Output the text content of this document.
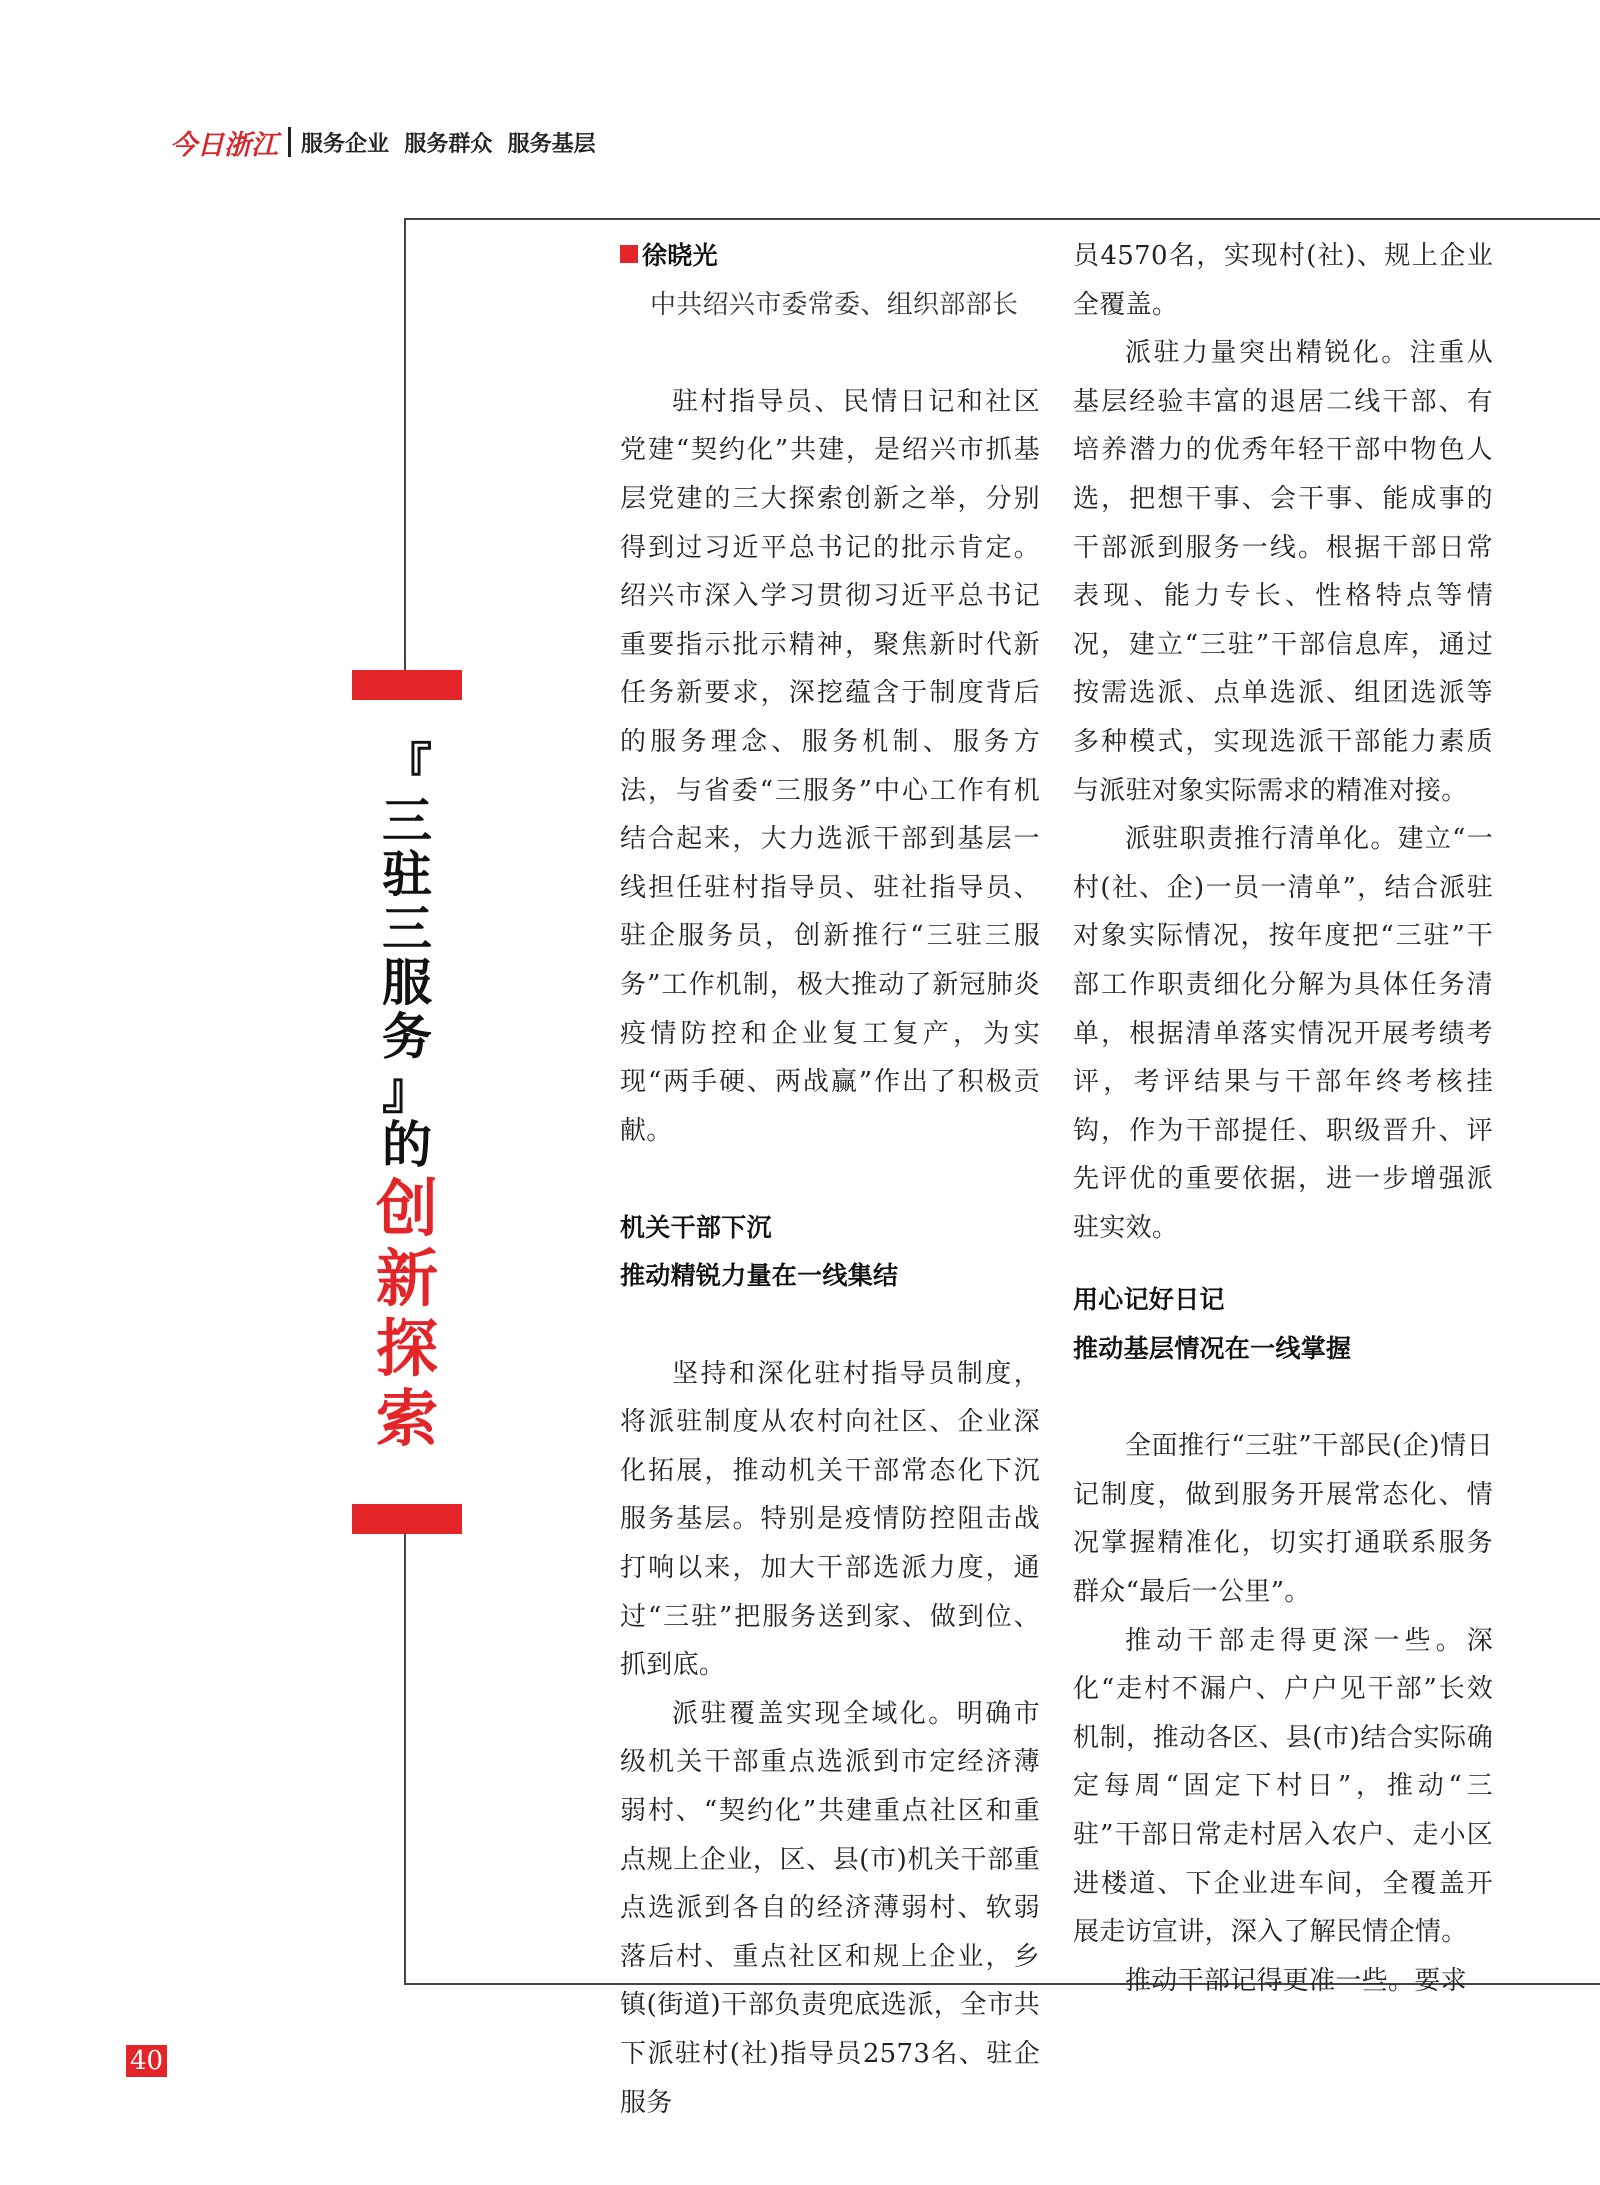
今日浙江 服务企业  服务群众  服务基层
『
三
驻
三
服
务
』
的
创
新
探
索
徐晓光
中共绍兴市委常委、组织部部长

驻村指导员、民情日记和社区党建“契约化”共建，是绍兴市抓基层党建的三大探索创新之举，分别得到过习近平总书记的批示肯定。绍兴市深入学习贯彻习近平总书记重要指示批示精神，聚焦新时代新任务新要求，深挖蕴含于制度背后的服务理念、服务机制、服务方法，与省委“三服务”中心工作有机结合起来，大力选派干部到基层一线担任驻村指导员、驻社指导员、驻企服务员，创新推行“三驻三服务”工作机制，极大推动了新冠肺炎疫情防控和企业复工复产，为实现“两手硬、两战赢”作出了积极贡献。

机关干部下沉
推动精锐力量在一线集结

坚持和深化驻村指导员制度，将派驻制度从农村向社区、企业深化拓展，推动机关干部常态化下沉服务基层。特别是疫情防控阻击战打响以来，加大干部选派力度，通过“三驻”把服务送到家、做到位、抓到底。

派驻覆盖实现全域化。明确市级机关干部重点选派到市定经济薄弱村、“契约化”共建重点社区和重点规上企业，区、县(市)机关干部重点选派到各自的经济薄弱村、软弱落后村、重点社区和规上企业，乡镇(街道)干部负责兜底选派，全市共下派驻村(社)指导员2573名、驻企服务

员4570名，实现村(社)、规上企业全覆盖。

派驻力量突出精锐化。注重从基层经验丰富的退居二线干部、有培养潜力的优秀年轻干部中物色人选，把想干事、会干事、能成事的干部派到服务一线。根据干部日常表现、能力专长、性格特点等情况，建立“三驻”干部信息库，通过按需选派、点单选派、组团选派等多种模式，实现选派干部能力素质与派驻对象实际需求的精准对接。

派驻职责推行清单化。建立“一村(社、企)一员一清单”，结合派驻对象实际情况，按年度把“三驻”干部工作职责细化分解为具体任务清单，根据清单落实情况开展考绩考评，考评结果与干部年终考核挂钩，作为干部提任、职级晋升、评先评优的重要依据，进一步增强派驻实效。

用心记好日记
推动基层情况在一线掌握

全面推行“三驻”干部民(企)情日记制度，做到服务开展常态化、情况掌握精准化，切实打通联系服务群众“最后一公里”。

推动干部走得更深一些。深化“走村不漏户、户户见干部”长效机制，推动各区、县(市)结合实际确定每周“固定下村日”，推动“三驻”干部日常走村居入农户、走小区进楼道、下企业进车间，全覆盖开展走访宣讲，深入了解民情企情。

推动干部记得更准一些。要求

40
